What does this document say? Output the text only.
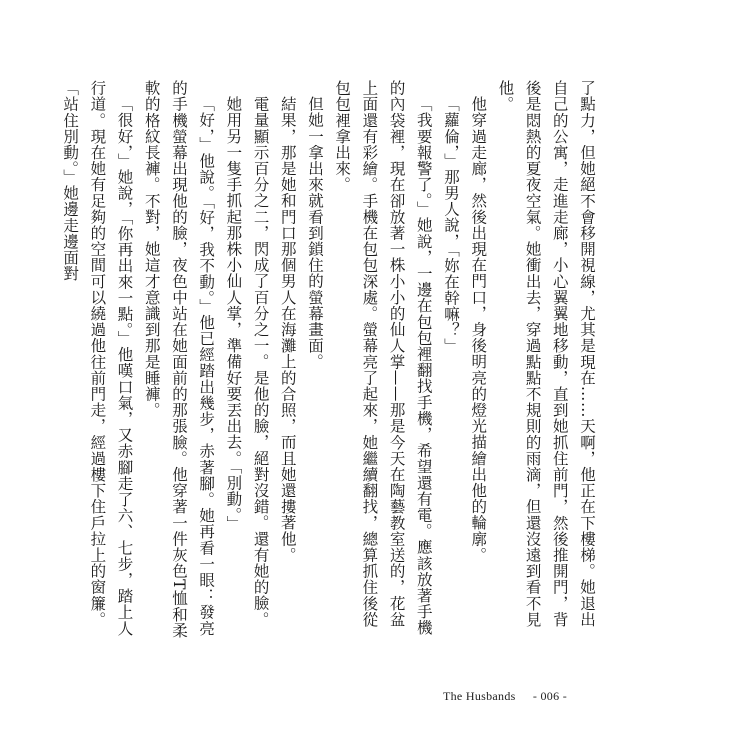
了點力，但她絕不會移開視線，尤其是現在……天啊，他正在下樓梯。她退出自己的公寓，走進走廊，小心翼翼地移動，直到她抓住前門，然後推開門，背後是悶熱的夏夜空氣。她衝出去，穿過點點不規則的雨滴，但還沒遠到看不見他。

他穿過走廊，然後出現在門口，身後明亮的燈光描繪出他的輪廓。

「蘿倫，」那男人說，「妳在幹嘛？」

「我要報警了。」她說，一邊在包包裡翻找手機，希望還有電。應該放著手機的內袋裡，現在卻放著一株小小的仙人掌——那是今天在陶藝教室送的，花盆上面還有彩繪。手機在包包深處。螢幕亮了起來，她繼續翻找，總算抓住後從包包裡拿出來。

但她一拿出來就看到鎖住的螢幕畫面。

結果，那是她和門口那個男人在海灘上的合照，而且她還摟著他。

電量顯示百分之二，閃成了百分之一。是他的臉，絕對沒錯。還有她的臉。

她用另一隻手抓起那株小仙人掌，準備好要丟出去。「別動。」

「好，」他說。「好，我不動。」他已經踏出幾步，赤著腳。她再看一眼：發亮的手機螢幕出現他的臉，夜色中站在她面前的那張臉。他穿著一件灰色T恤和柔軟的格紋長褲。不對，她這才意識到那是睡褲。

「很好，」她說，「你再出來一點。」他嘆口氣，又赤腳走了六、七步，踏上人行道。現在她有足夠的空間可以繞過他往前門走，經過樓下住戶拉上的窗簾。「站住別動。」她邊走邊面對

The Husbands - 006 -
